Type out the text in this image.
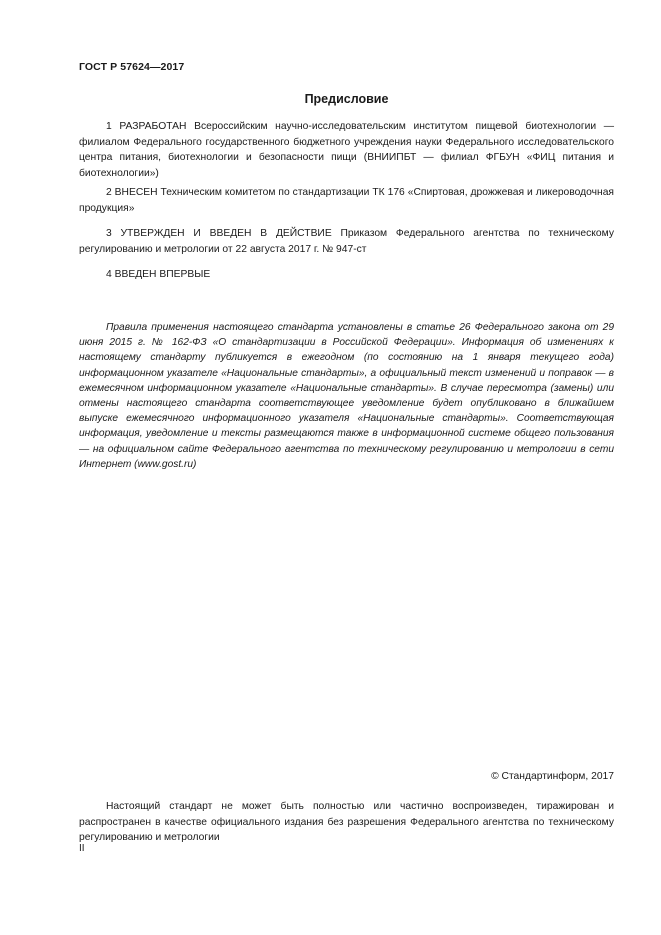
ГОСТ Р 57624—2017
Предисловие

1 РАЗРАБОТАН Всероссийским научно-исследовательским институтом пищевой биотехнологии — филиалом Федерального государственного бюджетного учреждения науки Федерального исследовательского центра питания, биотехнологии и безопасности пищи (ВНИИПБТ — филиал ФГБУН «ФИЦ питания и биотехнологии»)

2 ВНЕСЕН Техническим комитетом по стандартизации ТК 176 «Спиртовая, дрожжевая и ликероводочная продукция»

3 УТВЕРЖДЕН И ВВЕДЕН В ДЕЙСТВИЕ Приказом Федерального агентства по техническому регулированию и метрологии от 22 августа 2017 г. № 947-ст

4 ВВЕДЕН ВПЕРВЫЕ

Правила применения настоящего стандарта установлены в статье 26 Федерального закона от 29 июня 2015 г. № 162-ФЗ «О стандартизации в Российской Федерации». Информация об изменениях к настоящему стандарту публикуется в ежегодном (по состоянию на 1 января текущего года) информационном указателе «Национальные стандарты», а официальный текст изменений и поправок — в ежемесячном информационном указателе «Национальные стандарты». В случае пересмотра (замены) или отмены настоящего стандарта соответствующее уведомление будет опубликовано в ближайшем выпуске ежемесячного информационного указателя «Национальные стандарты». Соответствующая информация, уведомление и тексты размещаются также в информационной системе общего пользования — на официальном сайте Федерального агентства по техническому регулированию и метрологии в сети Интернет (www.gost.ru)

© Стандартинформ, 2017

Настоящий стандарт не может быть полностью или частично воспроизведен, тиражирован и распространен в качестве официального издания без разрешения Федерального агентства по техническому регулированию и метрологии

II
